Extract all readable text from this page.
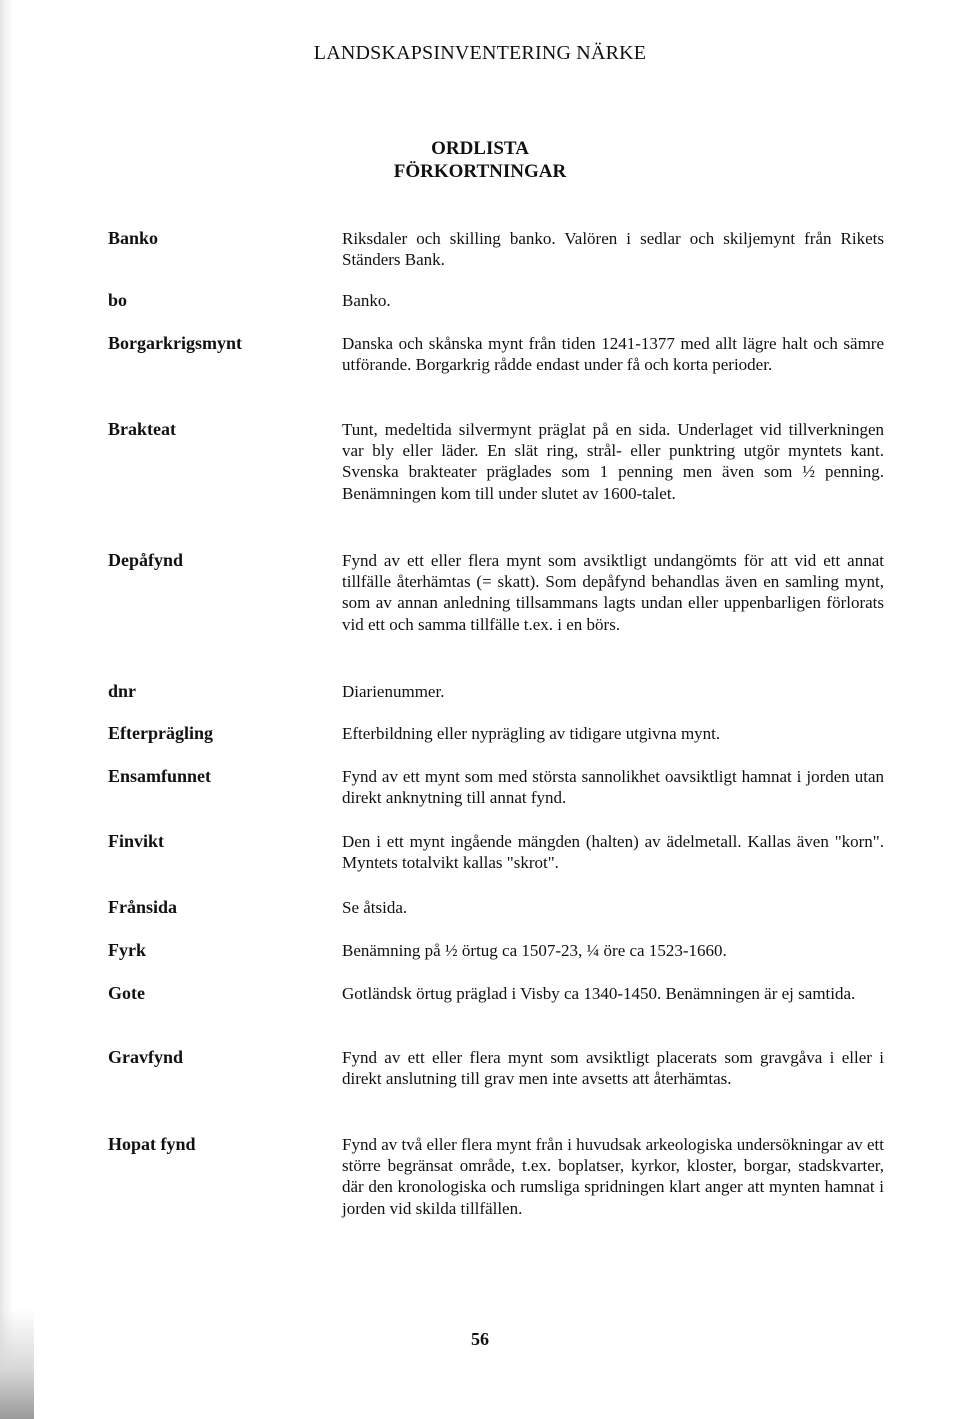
LANDSKAPSINVENTERING NÄRKE
ORDLISTA
FÖRKORTNINGAR
Banko	Riksdaler och skilling banko. Valören i sedlar och skiljemynt från Rikets Ständers Bank.
bo	Banko.
Borgarkrigsmynt	Danska och skånska mynt från tiden 1241-1377 med allt lägre halt och sämre utförande. Borgarkrig rådde endast under få och korta perioder.
Brakteat	Tunt, medeltida silvermynt präglat på en sida. Underlaget vid tillverkningen var bly eller läder. En slät ring, strål- eller punktring utgör myntets kant. Svenska brakteater präglades som 1 penning men även som ½ penning. Benämningen kom till under slutet av 1600-talet.
Depåfynd	Fynd av ett eller flera mynt som avsiktligt undangömts för att vid ett annat tillfälle återhämtas (= skatt). Som depåfynd behandlas även en samling mynt, som av annan anledning tillsammans lagts undan eller uppenbarligen förlorats vid ett och samma tillfälle t.ex. i en börs.
dnr	Diarienummer.
Efterprägling	Efterbildning eller nyprägling av tidigare utgivna mynt.
Ensamfunnet	Fynd av ett mynt som med största sannolikhet oavsiktligt hamnat i jorden utan direkt anknytning till annat fynd.
Finvikt	Den i ett mynt ingående mängden (halten) av ädelmetall. Kallas även "korn". Myntets totalvikt kallas "skrot".
Frånsida	Se åtsida.
Fyrk	Benämning på ½ örtug ca 1507-23, ¼ öre ca 1523-1660.
Gote	Gotländsk örtug präglad i Visby ca 1340-1450. Benämningen är ej samtida.
Gravfynd	Fynd av ett eller flera mynt som avsiktligt placerats som gravgåva i eller i direkt anslutning till grav men inte avsetts att återhämtas.
Hopat fynd	Fynd av två eller flera mynt från i huvudsak arkeologiska undersökningar av ett större begränsat område, t.ex. boplatser, kyrkor, kloster, borgar, stadskvarter, där den kronologiska och rumsliga spridningen klart anger att mynten hamnat i jorden vid skilda tillfällen.
56
